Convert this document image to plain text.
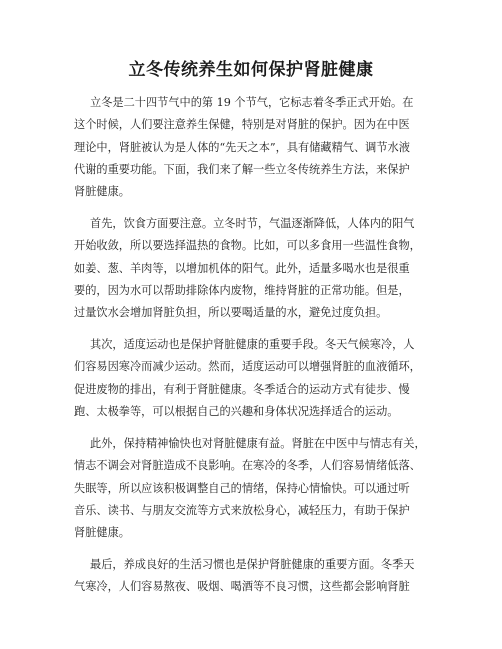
立冬传统养生如何保护肾脏健康
立冬是二十四节气中的第 19 个节气，它标志着冬季正式开始。在
这个时候，人们要注意养生保健，特别是对肾脏的保护。因为在中医
理论中，肾脏被认为是人体的“先天之本”，具有储藏精气、调节水液
代谢的重要功能。下面，我们来了解一些立冬传统养生方法，来保护
肾脏健康。
首先，饮食方面要注意。立冬时节，气温逐渐降低，人体内的阳气
开始收敛，所以要选择温热的食物。比如，可以多食用一些温性食物，
如姜、葱、羊肉等，以增加机体的阳气。此外，适量多喝水也是很重
要的，因为水可以帮助排除体内废物，维持肾脏的正常功能。但是，
过量饮水会增加肾脏负担，所以要喝适量的水，避免过度负担。
其次，适度运动也是保护肾脏健康的重要手段。冬天气候寒冷，人
们容易因寒冷而减少运动。然而，适度运动可以增强肾脏的血液循环，
促进废物的排出，有利于肾脏健康。冬季适合的运动方式有徒步、慢
跑、太极拳等，可以根据自己的兴趣和身体状况选择适合的运动。
此外，保持精神愉快也对肾脏健康有益。肾脏在中医中与情志有关，
情志不调会对肾脏造成不良影响。在寒冷的冬季，人们容易情绪低落、
失眠等，所以应该积极调整自己的情绪，保持心情愉快。可以通过听
音乐、读书、与朋友交流等方式来放松身心，减轻压力，有助于保护
肾脏健康。
最后，养成良好的生活习惯也是保护肾脏健康的重要方面。冬季天
气寒冷，人们容易熬夜、吸烟、喝酒等不良习惯，这些都会影响肾脏
